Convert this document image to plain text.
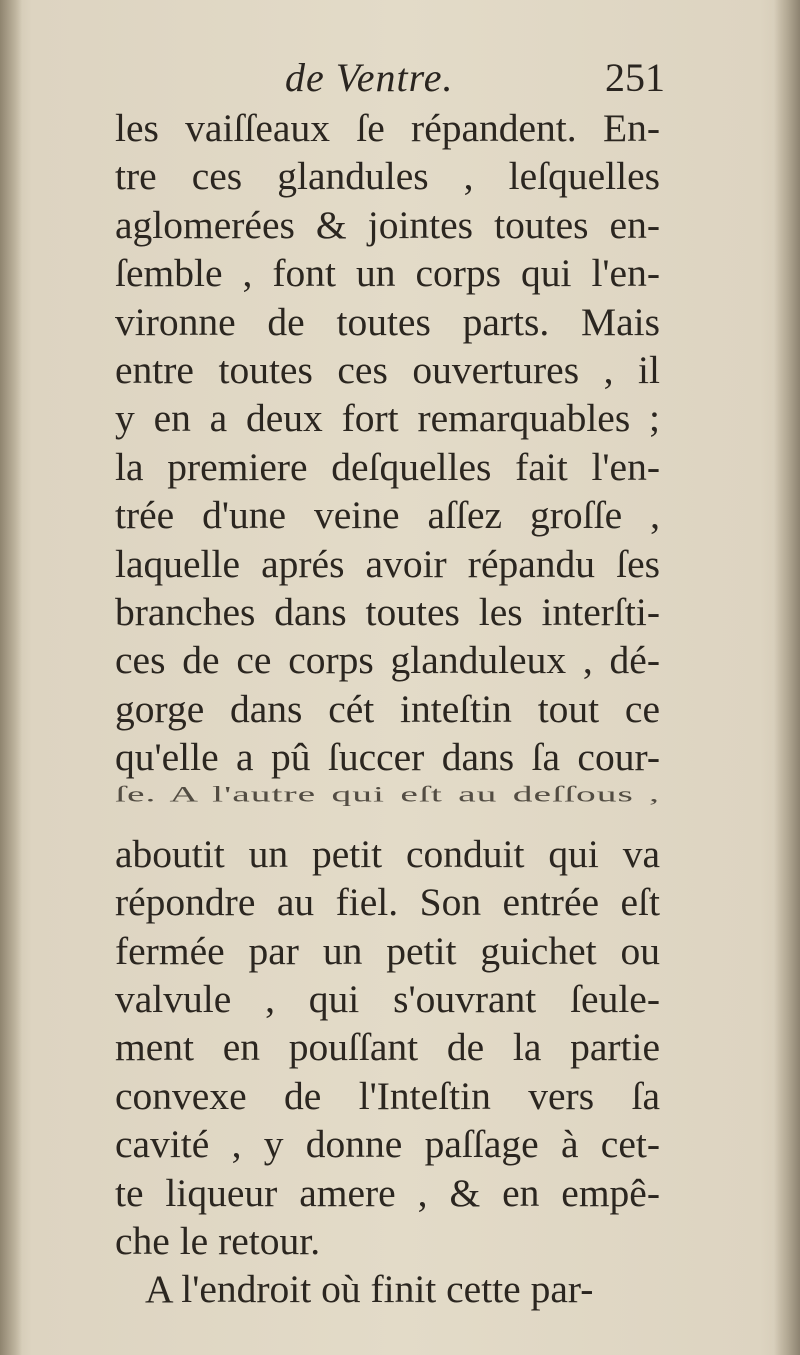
de Ventre.	251
les vaiſſeaux ſe répandent. En-
tre ces glandules , leſquelles
aglomerées & jointes toutes en-
ſemble , font un corps qui l'en-
vironne de toutes parts. Mais
entre toutes ces ouvertures , il
y en a deux fort remarquables ;
la premiere deſquelles fait l'en-
trée d'une veine aſſez groſſe ,
laquelle aprés avoir répandu ſes
branches dans toutes les interſti-
ces de ce corps glanduleux , dé-
gorge dans cét inteſtin tout ce
qu'elle a pû ſuccer dans ſa cour-
ſe. A l'autre qui eſt au deſſous ,
aboutit un petit conduit qui va
répondre au fiel. Son entrée eſt
fermée par un petit guichet ou
valvule , qui s'ouvrant ſeule-
ment en pouſſant de la partie
convexe de l'Inteſtin vers ſa
cavité , y donne paſſage à cet-
te liqueur amere , & en empê-
che le retour.
A l'endroit où finit cette par-
